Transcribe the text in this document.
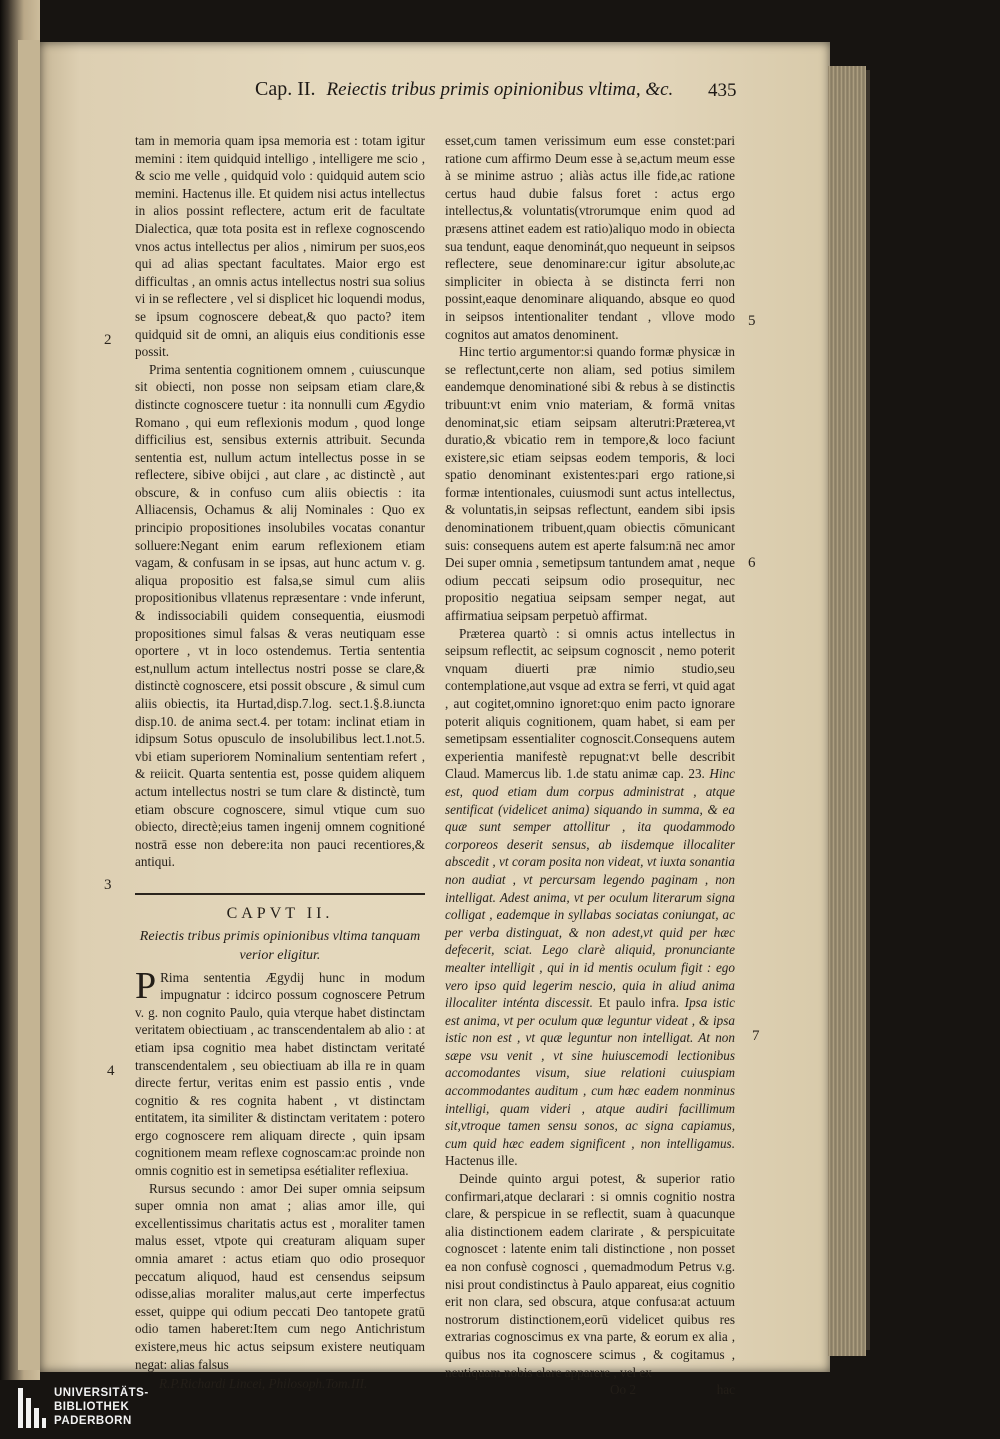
Cap. II. Reiectis tribus primis opinionibus vltima, &c.	435

tam in memoria quam ipsa memoria est : totam igitur memini : item quidquid intelligo , intelligere me scio , & scio me velle , quidquid volo : quidquid autem scio memini. Hactenus ille. Et quidem nisi actus intellectus in alios possint reflectere, actum erit de facultate Dialectica, quæ tota posita est in reflexe cognoscendo vnos actus intellectus per alios , nimirum per suos,eos qui ad alias spectant facultates. Maior ergo est difficultas , an omnis actus intellectus nostri sua solius vi in se reflectere , vel si displicet hic loquendi modus, se ipsum cognoscere debeat,& quo pacto? item quidquid sit de omni, an aliquis eius conditionis esse possit.

Prima sententia cognitionem omnem , cuiuscunque sit obiecti, non posse non seipsam etiam clare,& distincte cognoscere tuetur : ita nonnulli cum Ægydio Romano , qui eum reflexionis modum , quod longe difficilius est, sensibus externis attribuit. Secunda sententia est, nullum actum intellectus posse in se reflectere, sibive obijci , aut clare , ac distinctè , aut obscure, & in confuso cum aliis obiectis : ita Alliacensis, Ochamus & alij Nominales : Quo ex principio propositiones insolubiles vocatas conantur solluere:Negant enim earum reflexionem etiam vagam, & confusam in se ipsas, aut hunc actum v. g. aliqua propositio est falsa,se simul cum aliis propositionibus vllatenus repræsentare : vnde inferunt, & indissociabili quidem consequentia, eiusmodi propositiones simul falsas & veras neutiquam esse oportere , vt in loco ostendemus. Tertia sententia est,nullum actum intellectus nostri posse se clare,& distinctè cognoscere, etsi possit obscure , & simul cum aliis obiectis, ita Hurtad,disp.7.log. sect.1.§.8.iuncta disp.10. de anima sect.4. per totam: inclinat etiam in idipsum Sotus opusculo de insolubilibus lect.1.not.5. vbi etiam superiorem Nominalium sententiam refert , & reiicit. Quarta sententia est, posse quidem aliquem actum intellectus nostri se tum clare & distinctè, tum etiam obscure cognoscere, simul vtique cum suo obiecto, directè;eius tamen ingenij omnem cognitioné nostrā esse non debere:ita non pauci recentiores,& antiqui.

CAPVT II.
Reiectis tribus primis opinionibus vltima tanquam verior eligitur.

P Rima sententia Ægydij hunc in modum impugnatur : idcirco possum cognoscere Petrum v. g. non cognito Paulo, quia vterque habet distinctam veritatem obiectiuam , ac transcendentalem ab alio : at etiam ipsa cognitio mea habet distinctam veritaté transcendentalem , seu obiectiuam ab illa re in quam directe fertur, veritas enim est passio entis , vnde cognitio & res cognita habent , vt distinctam entitatem, ita similiter & distinctam veritatem : potero ergo cognoscere rem aliquam directe , quin ipsam cognitionem meam reflexe cognoscam:ac proinde non omnis cognitio est in semetipsa esétialiter reflexiua.

Rursus secundo : amor Dei super omnia seipsum super omnia non amat ; alias amor ille, qui excellentissimus charitatis actus est , moraliter tamen malus esset, vtpote qui creaturam aliquam super omnia amaret : actus etiam quo odio prosequor peccatum aliquod, haud est censendus seipsum odisse,alias moraliter malus,aut certe imperfectus esset, quippe qui odium peccati Deo tantopete gratū odio tamen haberet:Item cum nego Antichristum existere,meus hic actus seipsum existere neutiquam negat: alias falsus

R.P.Richardi Lincei, Philosoph.Tom.III.

esset,cum tamen verissimum eum esse constet:pari ratione cum affirmo Deum esse à se,actum meum esse à se minime astruo ; aliàs actus ille fide,ac ratione certus haud dubie falsus foret : actus ergo intellectus,& voluntatis(vtrorumque enim quod ad præsens attinet eadem est ratio)aliquo modo in obiecta sua tendunt, eaque denominát,quo nequeunt in seipsos reflectere, seue denominare:cur igitur absolute,ac simpliciter in obiecta à se distincta ferri non possint,eaque denominare aliquando, absque eo quod in seipsos intentionaliter tendant , vllove modo cognitos aut amatos denominent.

Hinc tertio argumentor:si quando formæ physicæ in se reflectunt,certe non aliam, sed potius similem eandemque denominationé sibi & rebus à se distinctis tribuunt:vt enim vnio materiam, & formā vnitas denominat,sic etiam seipsam alterutri:Præterea,vt duratio,& vbicatio rem in tempore,& loco faciunt existere,sic etiam seipsas eodem temporis, & loci spatio denominant existentes:pari ergo ratione,si formæ intentionales, cuiusmodi sunt actus intellectus, & voluntatis,in seipsas reflectunt, eandem sibi ipsis denominationem tribuent,quam obiectis cōmunicant suis: consequens autem est aperte falsum:nā nec amor Dei super omnia , semetipsum tantundem amat , neque odium peccati seipsum odio prosequitur, nec propositio negatiua seipsam semper negat, aut affirmatiua seipsam perpetuò affirmat.

Præterea quartò : si omnis actus intellectus in seipsum reflectit, ac seipsum cognoscit , nemo poterit vnquam diuerti præ nimio studio,seu contemplatione,aut vsque ad extra se ferri, vt quid agat , aut cogitet,omnino ignoret:quo enim pacto ignorare poterit aliquis cognitionem, quam habet, si eam per semetipsam essentialiter cognoscit.Consequens autem experientia manifestè repugnat:vt belle describit Claud. Mamercus lib. 1.de statu animæ cap. 23. Hinc est, quod etiam dum corpus administrat , atque sentificat (videlicet anima) siquando in summa, & ea quæ sunt semper attollitur , ita quodammodo corporeos deserit sensus, ab iisdemque illocaliter abscedit , vt coram posita non videat, vt iuxta sonantia non audiat , vt percursam legendo paginam , non intelligat. Adest anima, vt per oculum literarum signa colligat , eademque in syllabas sociatas coniungat, ac per verba distinguat, & non adest,vt quid per hæc defecerit, sciat. Lego clarè aliquid, pronunciante mealter intelligit , qui in id mentis oculum figit : ego vero ipso quid legerim nescio, quia in aliud anima illocaliter inténta discessit. Et paulo infra. Ipsa istic est anima, vt per oculum quæ leguntur videat , & ipsa istic non est , vt quæ leguntur non intelligat. At non sæpe vsu venit , vt sine huiuscemodi lectionibus accomodantes visum, siue relationi cuiuspiam accommodantes auditum , cum hæc eadem nonminus intelligi, quam videri , atque audiri facillimum sit,vtroque tamen sensu sonos, ac signa capiamus, cum quid hæc eadem significent , non intelligamus. Hactenus ille.

Deinde quinto argui potest, & superior ratio confirmari,atque declarari : si omnis cognitio nostra clare, & perspicue in se reflectit, suam à quacunque alia distinctionem eadem clarirate , & perspicuitate cognoscet : latente enim tali distinctione , non posset ea non confusè cognosci , quemadmodum Petrus v.g. nisi prout condistinctus à Paulo appareat, eius cognitio erit non clara, sed obscura, atque confusa:at actuum nostrorum distinctionem,eorū videlicet quibus res extrarias cognoscimus ex vna parte, & eorum ex alia , quibus nos ita cognoscere scimus , & cogitamus , neutiquam nobis clare apparere , vel ex

Oo 2	hac
2
3
4
5
6
7
UNIVERSITÄTS-
BIBLIOTHEK
PADERBORN
